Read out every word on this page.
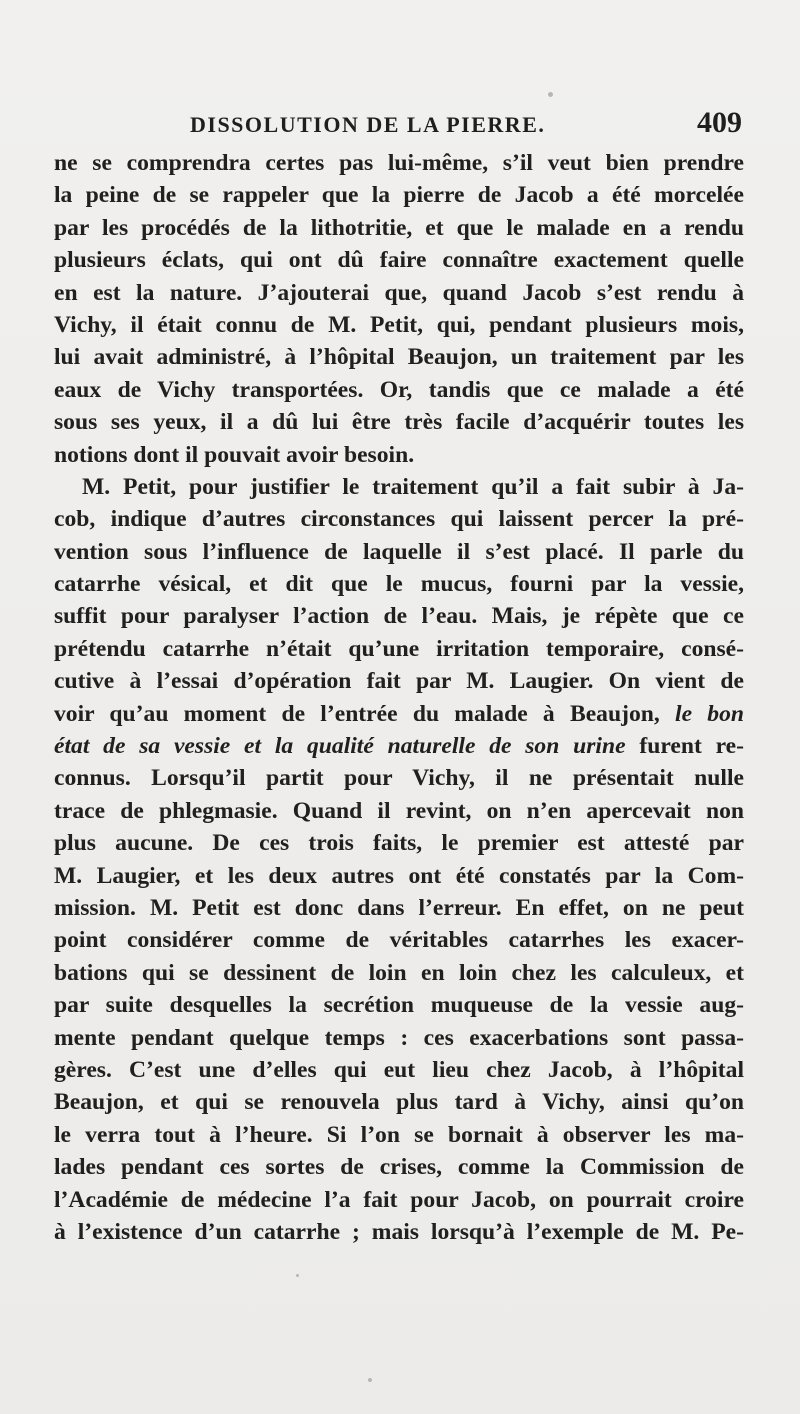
DISSOLUTION DE LA PIERRE.	409
ne se comprendra certes pas lui-même, s’il veut bien prendre
la peine de se rappeler que la pierre de Jacob a été morcelée
par les procédés de la lithotritie, et que le malade en a rendu
plusieurs éclats, qui ont dû faire connaître exactement quelle
en est la nature. J’ajouterai que, quand Jacob s’est rendu à
Vichy, il était connu de M. Petit, qui, pendant plusieurs mois,
lui avait administré, à l’hôpital Beaujon, un traitement par les
eaux de Vichy transportées. Or, tandis que ce malade a été
sous ses yeux, il a dû lui être très facile d’acquérir toutes les
notions dont il pouvait avoir besoin.
M. Petit, pour justifier le traitement qu’il a fait subir à Ja-
cob, indique d’autres circonstances qui laissent percer la pré-
vention sous l’influence de laquelle il s’est placé. Il parle du
catarrhe vésical, et dit que le mucus, fourni par la vessie,
suffit pour paralyser l’action de l’eau. Mais, je répète que ce
prétendu catarrhe n’était qu’une irritation temporaire, consé-
cutive à l’essai d’opération fait par M. Laugier. On vient de
voir qu’au moment de l’entrée du malade à Beaujon, le bon
état de sa vessie et la qualité naturelle de son urine furent re-
connus. Lorsqu’il partit pour Vichy, il ne présentait nulle
trace de phlegmasie. Quand il revint, on n’en apercevait non
plus aucune. De ces trois faits, le premier est attesté par
M. Laugier, et les deux autres ont été constatés par la Com-
mission. M. Petit est donc dans l’erreur. En effet, on ne peut
point considérer comme de véritables catarrhes les exacer-
bations qui se dessinent de loin en loin chez les calculeux, et
par suite desquelles la secrétion muqueuse de la vessie aug-
mente pendant quelque temps : ces exacerbations sont passa-
gères. C’est une d’elles qui eut lieu chez Jacob, à l’hôpital
Beaujon, et qui se renouvela plus tard à Vichy, ainsi qu’on
le verra tout à l’heure. Si l’on se bornait à observer les ma-
lades pendant ces sortes de crises, comme la Commission de
l’Académie de médecine l’a fait pour Jacob, on pourrait croire
à l’existence d’un catarrhe ; mais lorsqu’à l’exemple de M. Pe-
